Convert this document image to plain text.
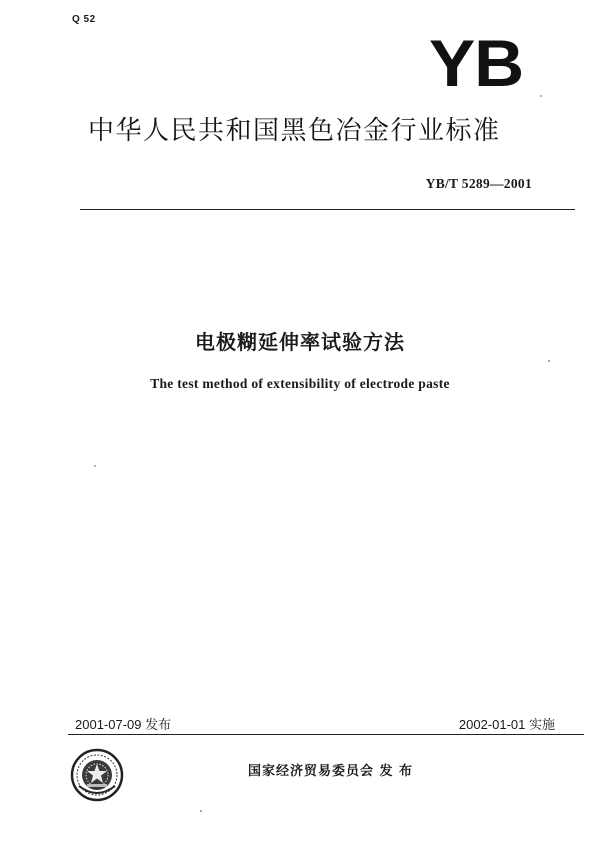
Q 52
YB
中华人民共和国黑色冶金行业标准
YB/T 5289—2001
电极糊延伸率试验方法
The test method of extensibility of electrode paste
2001-07-09 发布	2002-01-01 实施
国家经济贸易委员会 发 布
